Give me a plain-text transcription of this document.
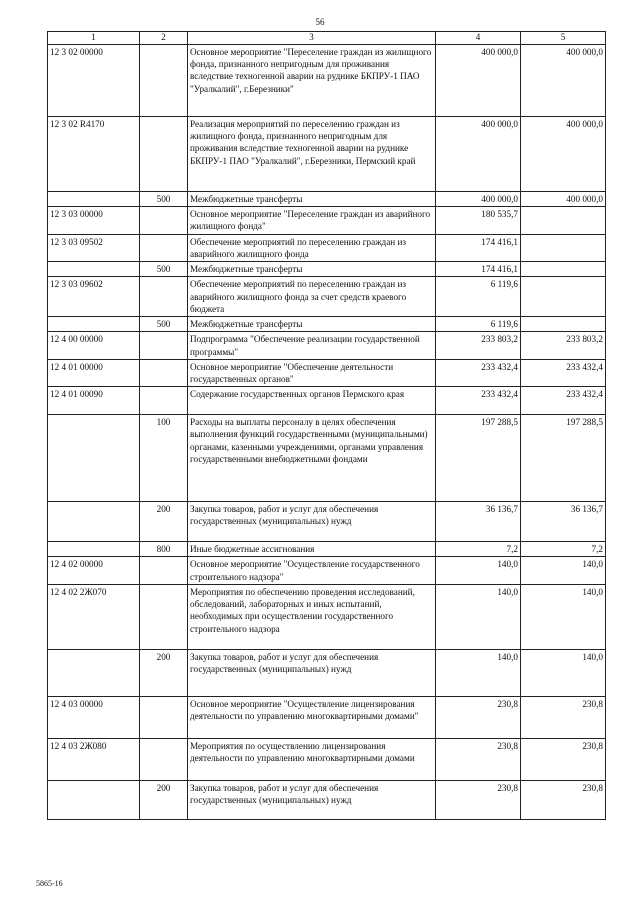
56
1	2	3	4	5
12 3 02 00000		Основное мероприятие "Переселение граждан из жилищного фонда, признанного непригодным для проживания вследствие техногенной аварии на руднике БКПРУ-1 ПАО "Уралкалий", г.Березники"	400 000,0	400 000,0
12 3 02 R4170		Реализация мероприятий по переселению граждан из жилищного фонда, признанного непригодным для проживания вследствие техногенной аварии на руднике БКПРУ-1 ПАО "Уралкалий", г.Березники, Пермский край	400 000,0	400 000,0
	500	Межбюджетные трансферты	400 000,0	400 000,0
12 3 03 00000		Основное мероприятие "Переселение граждан из аварийного жилищного фонда"	180 535,7	
12 3 03 09502		Обеспечение мероприятий по переселению граждан из аварийного жилищного фонда	174 416,1	
	500	Межбюджетные трансферты	174 416,1	
12 3 03 09602		Обеспечение мероприятий по переселению граждан из аварийного жилищного фонда за счет средств краевого бюджета	6 119,6	
	500	Межбюджетные трансферты	6 119,6	
12 4 00 00000		Подпрограмма "Обеспечение реализации государственной программы"	233 803,2	233 803,2
12 4 01 00000		Основное мероприятие "Обеспечение деятельности государственных органов"	233 432,4	233 432,4
12 4 01 00090		Содержание государственных органов Пермского края	233 432,4	233 432,4
	100	Расходы на выплаты персоналу в целях обеспечения выполнения функций государственными (муниципальными) органами, казенными учреждениями, органами управления государственными внебюджетными фондами	197 288,5	197 288,5
	200	Закупка товаров, работ и услуг для обеспечения государственных (муниципальных) нужд	36 136,7	36 136,7
	800	Иные бюджетные ассигнования	7,2	7,2
12 4 02 00000		Основное мероприятие "Осуществление государственного строительного надзора"	140,0	140,0
12 4 02 2Ж070		Мероприятия по обеспечению проведения исследований, обследований, лабораторных и иных испытаний, необходимых при осуществлении государственного строительного надзора	140,0	140,0
	200	Закупка товаров, работ и услуг для обеспечения государственных (муниципальных) нужд	140,0	140,0
12 4 03 00000		Основное мероприятие "Осуществление лицензирования деятельности по управлению многоквартирными домами"	230,8	230,8
12 4 03 2Ж080		Мероприятия по осуществлению лицензирования деятельности по управлению многоквартирными домами	230,8	230,8
	200	Закупка товаров, работ и услуг для обеспечения государственных (муниципальных) нужд	230,8	230,8
5865-16
